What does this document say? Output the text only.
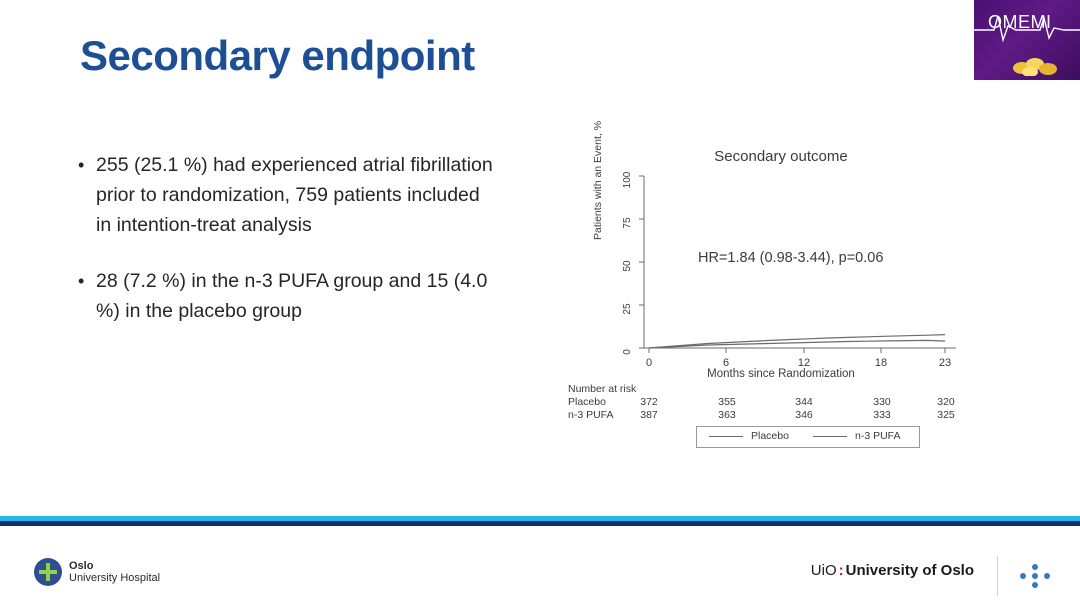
OMEMI
Secondary endpoint
• 255 (25.1 %) had experienced atrial fibrillation prior to randomization, 759 patients included in intention-treat analysis
• 28 (7.2 %) in the n-3 PUFA group and 15 (4.0 %) in the placebo group
Secondary outcome
Patients with an Event, %
HR=1.84 (0.98-3.44), p=0.06
0
25
50
75
100
0	6	12	18	23
Months since Randomization
Number at risk
Placebo	372	355	344	330	320
n-3 PUFA	387	363	346	333	325
Placebo	n-3 PUFA
Oslo
University Hospital	UiO : University of Oslo
